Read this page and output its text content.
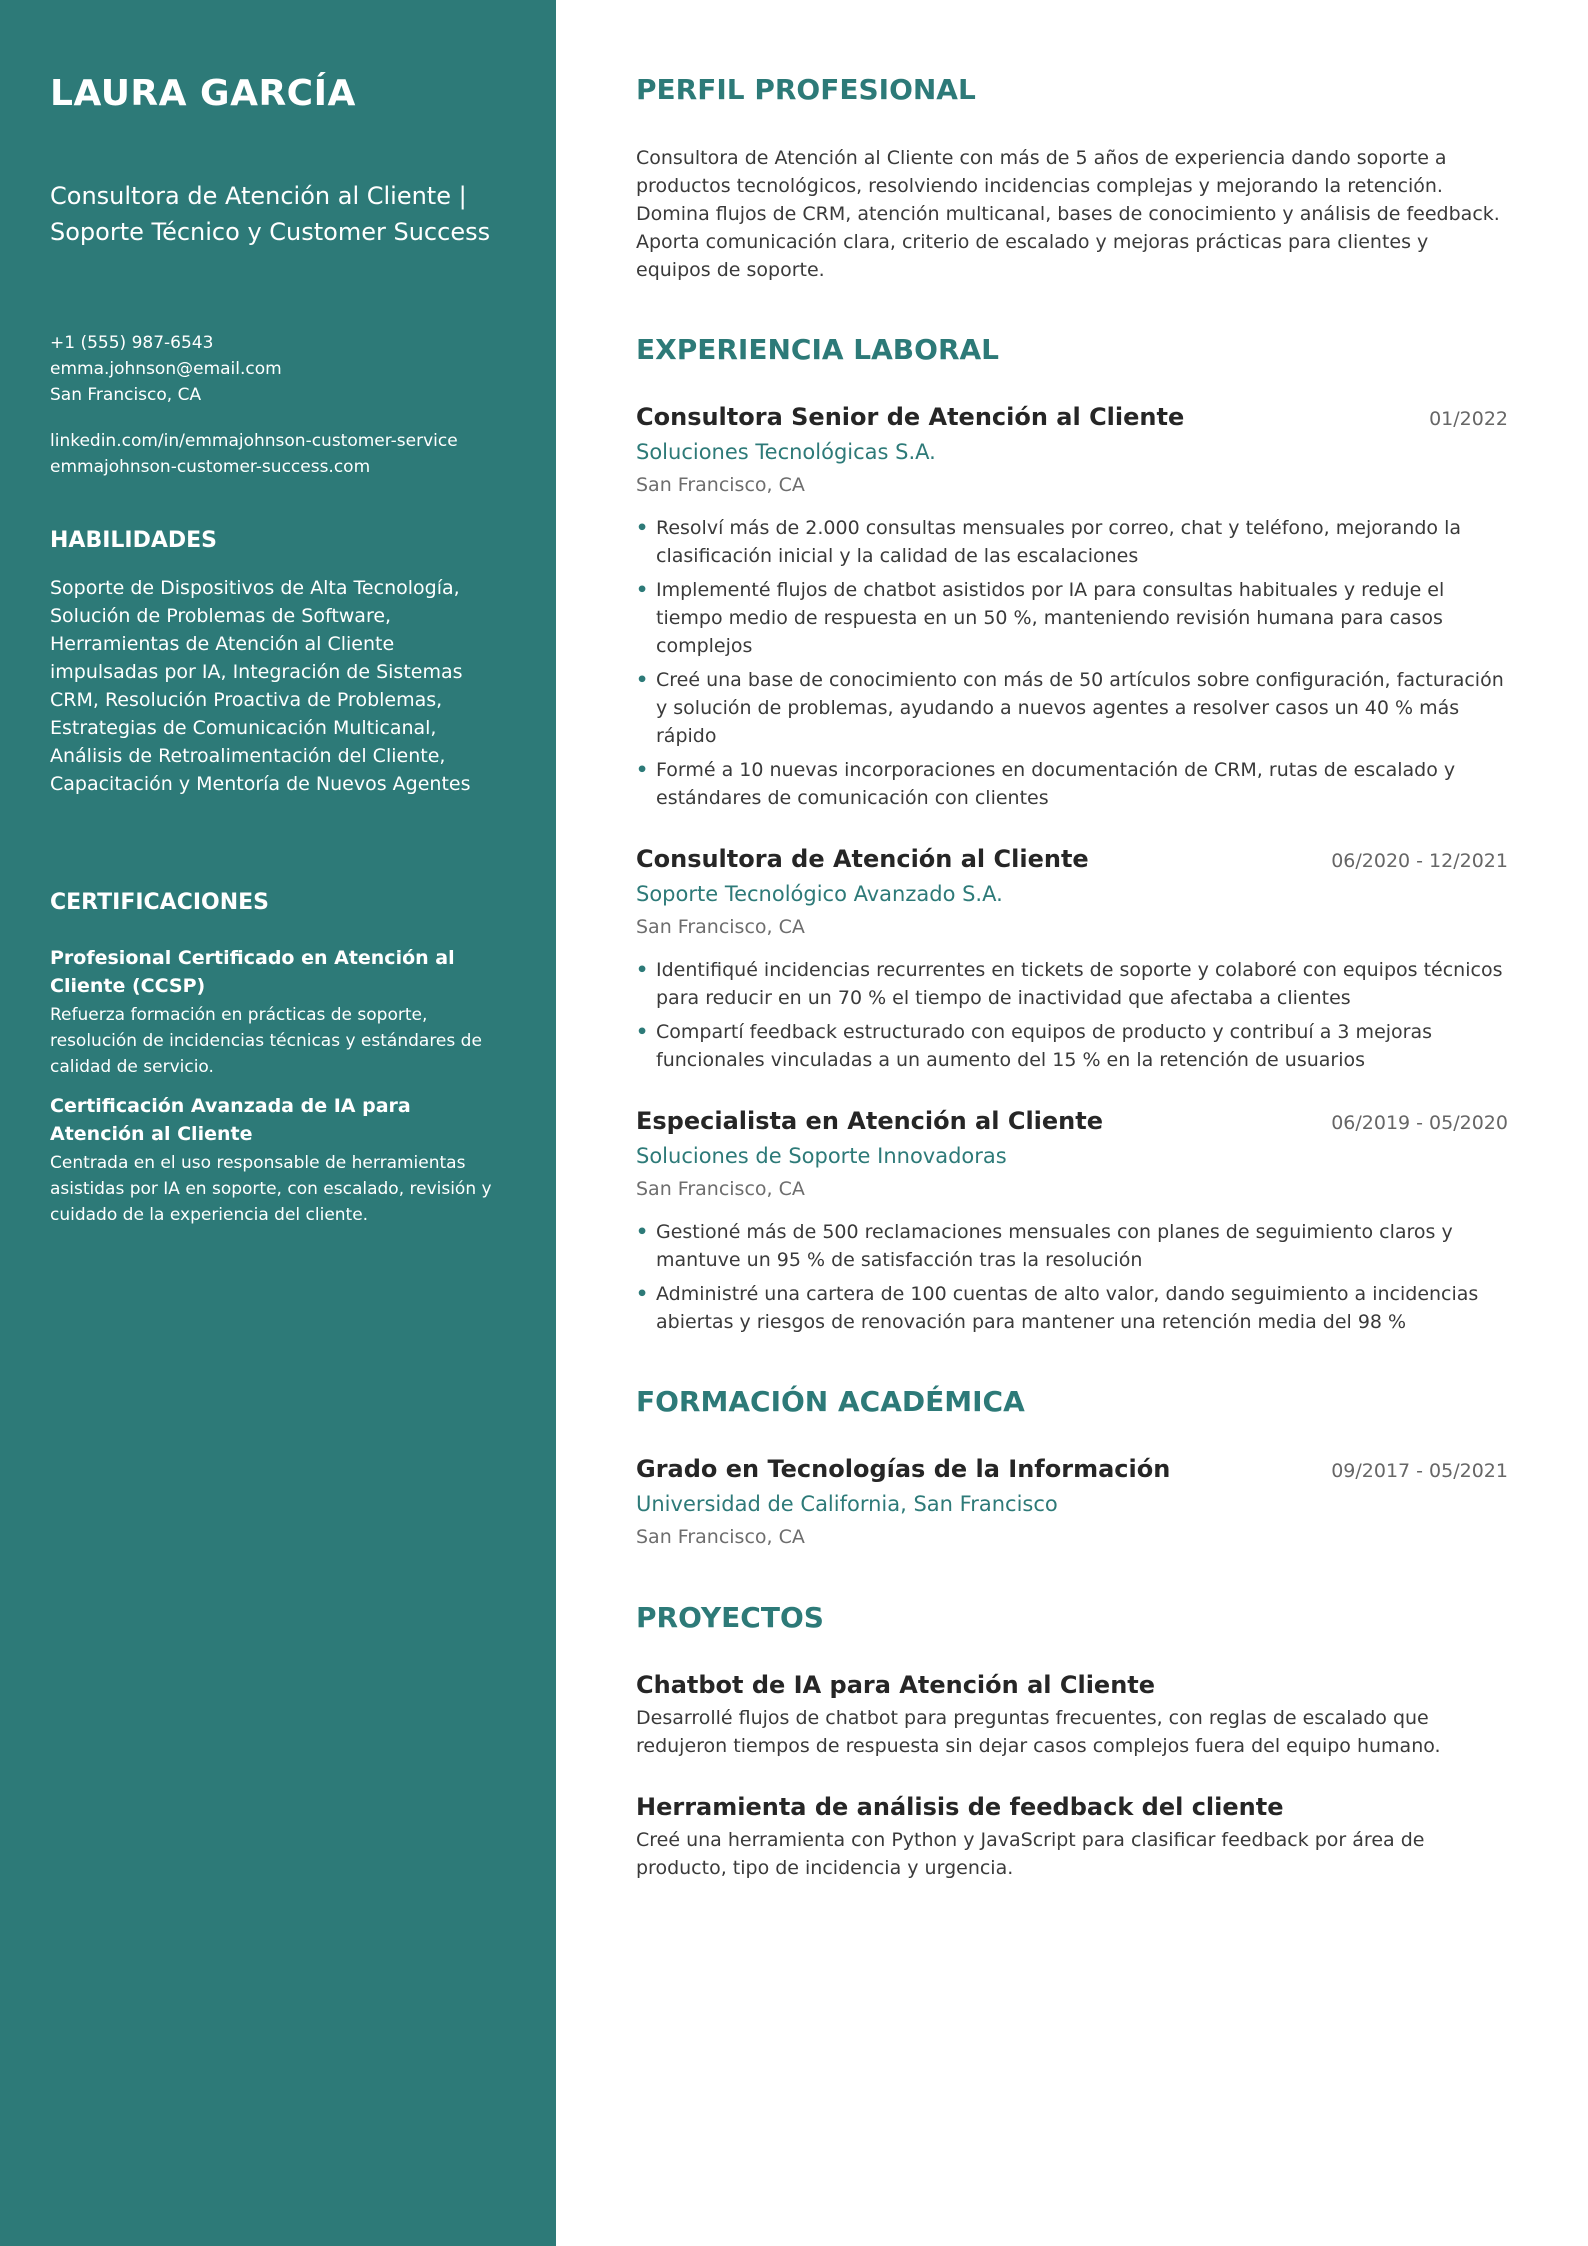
LAURA GARCÍA
Consultora de Atención al Cliente | Soporte Técnico y Customer Success
+1 (555) 987-6543
emma.johnson@email.com
San Francisco, CA
linkedin.com/in/emmajohnson-customer-service
emmajohnson-customer-success.com
HABILIDADES
Soporte de Dispositivos de Alta Tecnología, Solución de Problemas de Software, Herramientas de Atención al Cliente impulsadas por IA, Integración de Sistemas CRM, Resolución Proactiva de Problemas, Estrategias de Comunicación Multicanal, Análisis de Retroalimentación del Cliente, Capacitación y Mentoría de Nuevos Agentes
CERTIFICACIONES
Profesional Certificado en Atención al Cliente (CCSP)
Refuerza formación en prácticas de soporte, resolución de incidencias técnicas y estándares de calidad de servicio.
Certificación Avanzada de IA para Atención al Cliente
Centrada en el uso responsable de herramientas asistidas por IA en soporte, con escalado, revisión y cuidado de la experiencia del cliente.
PERFIL PROFESIONAL
Consultora de Atención al Cliente con más de 5 años de experiencia dando soporte a productos tecnológicos, resolviendo incidencias complejas y mejorando la retención. Domina flujos de CRM, atención multicanal, bases de conocimiento y análisis de feedback. Aporta comunicación clara, criterio de escalado y mejoras prácticas para clientes y equipos de soporte.
EXPERIENCIA LABORAL
Consultora Senior de Atención al Cliente	01/2022
Soluciones Tecnológicas S.A.
San Francisco, CA
• Resolví más de 2.000 consultas mensuales por correo, chat y teléfono, mejorando la clasificación inicial y la calidad de las escalaciones
• Implementé flujos de chatbot asistidos por IA para consultas habituales y reduje el tiempo medio de respuesta en un 50 %, manteniendo revisión humana para casos complejos
• Creé una base de conocimiento con más de 50 artículos sobre configuración, facturación y solución de problemas, ayudando a nuevos agentes a resolver casos un 40 % más rápido
• Formé a 10 nuevas incorporaciones en documentación de CRM, rutas de escalado y estándares de comunicación con clientes
Consultora de Atención al Cliente	06/2020 - 12/2021
Soporte Tecnológico Avanzado S.A.
San Francisco, CA
• Identifiqué incidencias recurrentes en tickets de soporte y colaboré con equipos técnicos para reducir en un 70 % el tiempo de inactividad que afectaba a clientes
• Compartí feedback estructurado con equipos de producto y contribuí a 3 mejoras funcionales vinculadas a un aumento del 15 % en la retención de usuarios
Especialista en Atención al Cliente	06/2019 - 05/2020
Soluciones de Soporte Innovadoras
San Francisco, CA
• Gestioné más de 500 reclamaciones mensuales con planes de seguimiento claros y mantuve un 95 % de satisfacción tras la resolución
• Administré una cartera de 100 cuentas de alto valor, dando seguimiento a incidencias abiertas y riesgos de renovación para mantener una retención media del 98 %
FORMACIÓN ACADÉMICA
Grado en Tecnologías de la Información	09/2017 - 05/2021
Universidad de California, San Francisco
San Francisco, CA
PROYECTOS
Chatbot de IA para Atención al Cliente
Desarrollé flujos de chatbot para preguntas frecuentes, con reglas de escalado que redujeron tiempos de respuesta sin dejar casos complejos fuera del equipo humano.
Herramienta de análisis de feedback del cliente
Creé una herramienta con Python y JavaScript para clasificar feedback por área de producto, tipo de incidencia y urgencia.
